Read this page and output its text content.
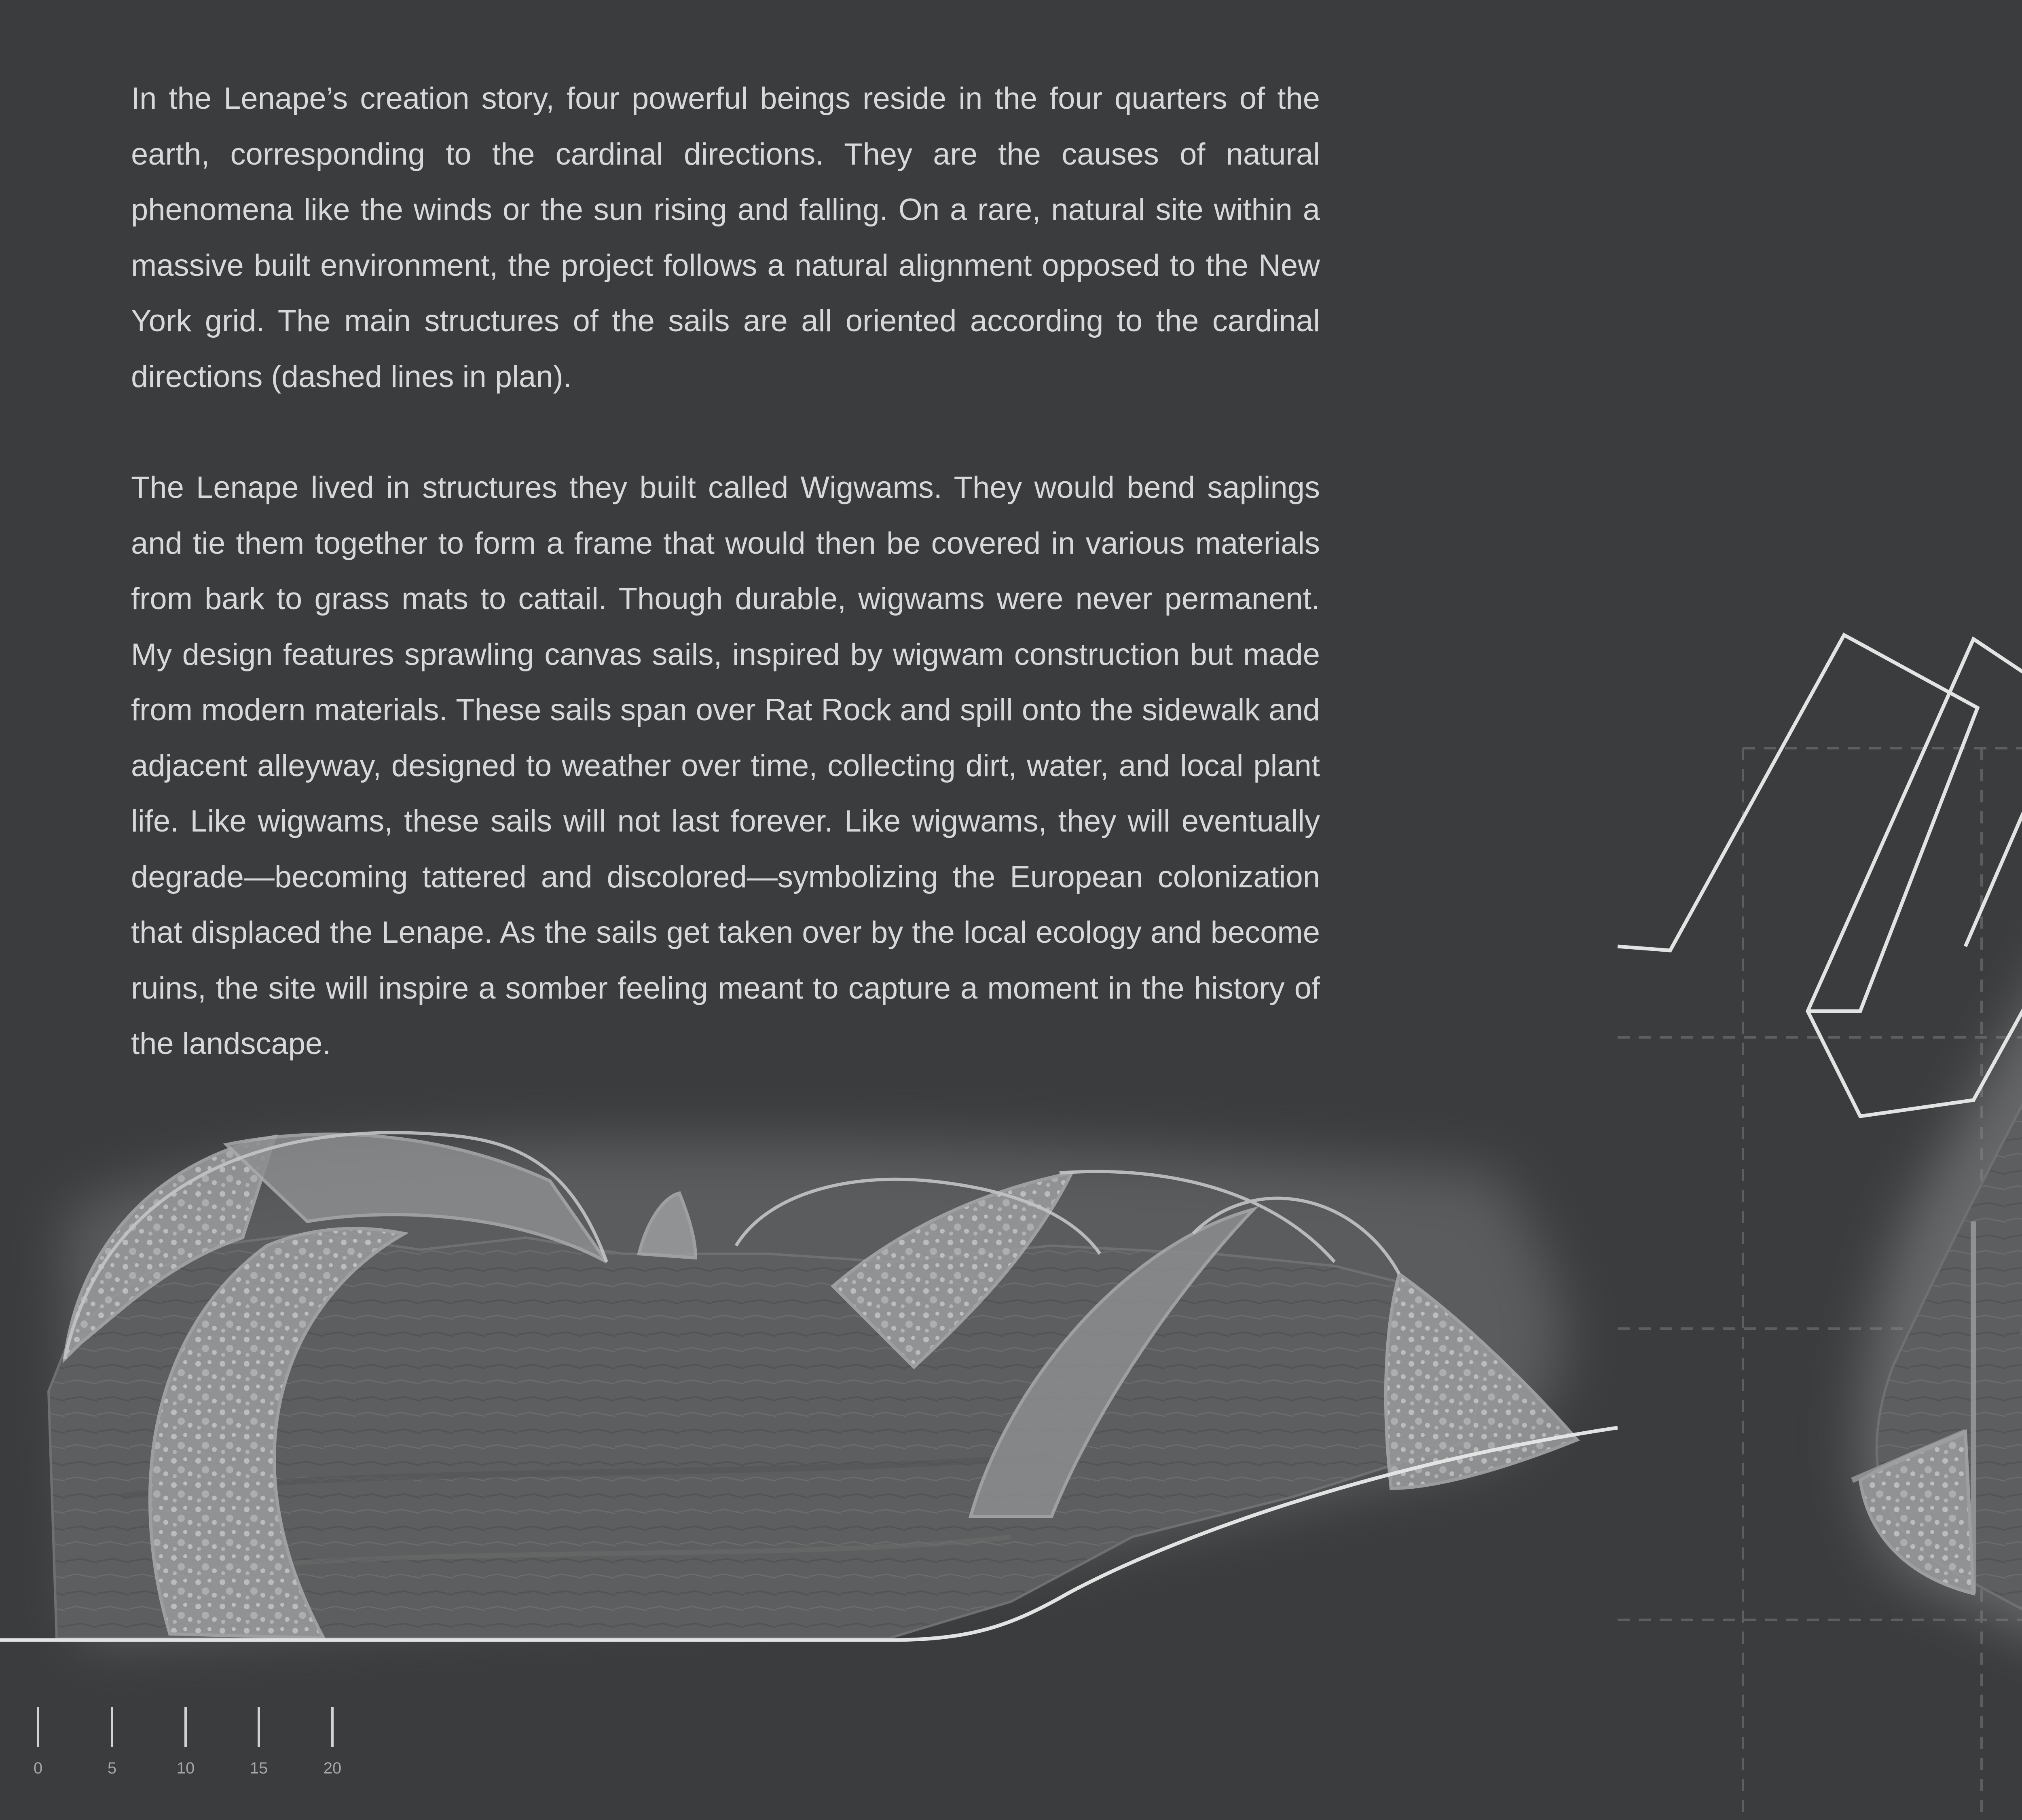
In the Lenape’s creation story, four powerful beings reside in the four quarters of the earth, corresponding to the cardinal directions. They are the causes of natural phenomena like the winds or the sun rising and falling. On a rare, natural site within a massive built environment, the project follows a natural alignment opposed to the New York grid. The main structures of the sails are all oriented according to the cardinal directions (dashed lines in plan).

The Lenape lived in structures they built called Wigwams. They would bend saplings and tie them together to form a frame that would then be covered in various materials from bark to grass mats to cattail. Though durable, wigwams were never permanent. My design features sprawling canvas sails, inspired by wigwam construction but made from modern materials. These sails span over Rat Rock and spill onto the sidewalk and adjacent alleyway, designed to weather over time, collecting dirt, water, and local plant life. Like wigwams, these sails will not last forever. Like wigwams, they will eventually degrade—becoming tattered and discolored—symbolizing the European colonization that displaced the Lenape. As the sails get taken over by the local ecology and become ruins, the site will inspire a somber feeling meant to capture a moment in the history of the landscape.

0	5	10	15	20
